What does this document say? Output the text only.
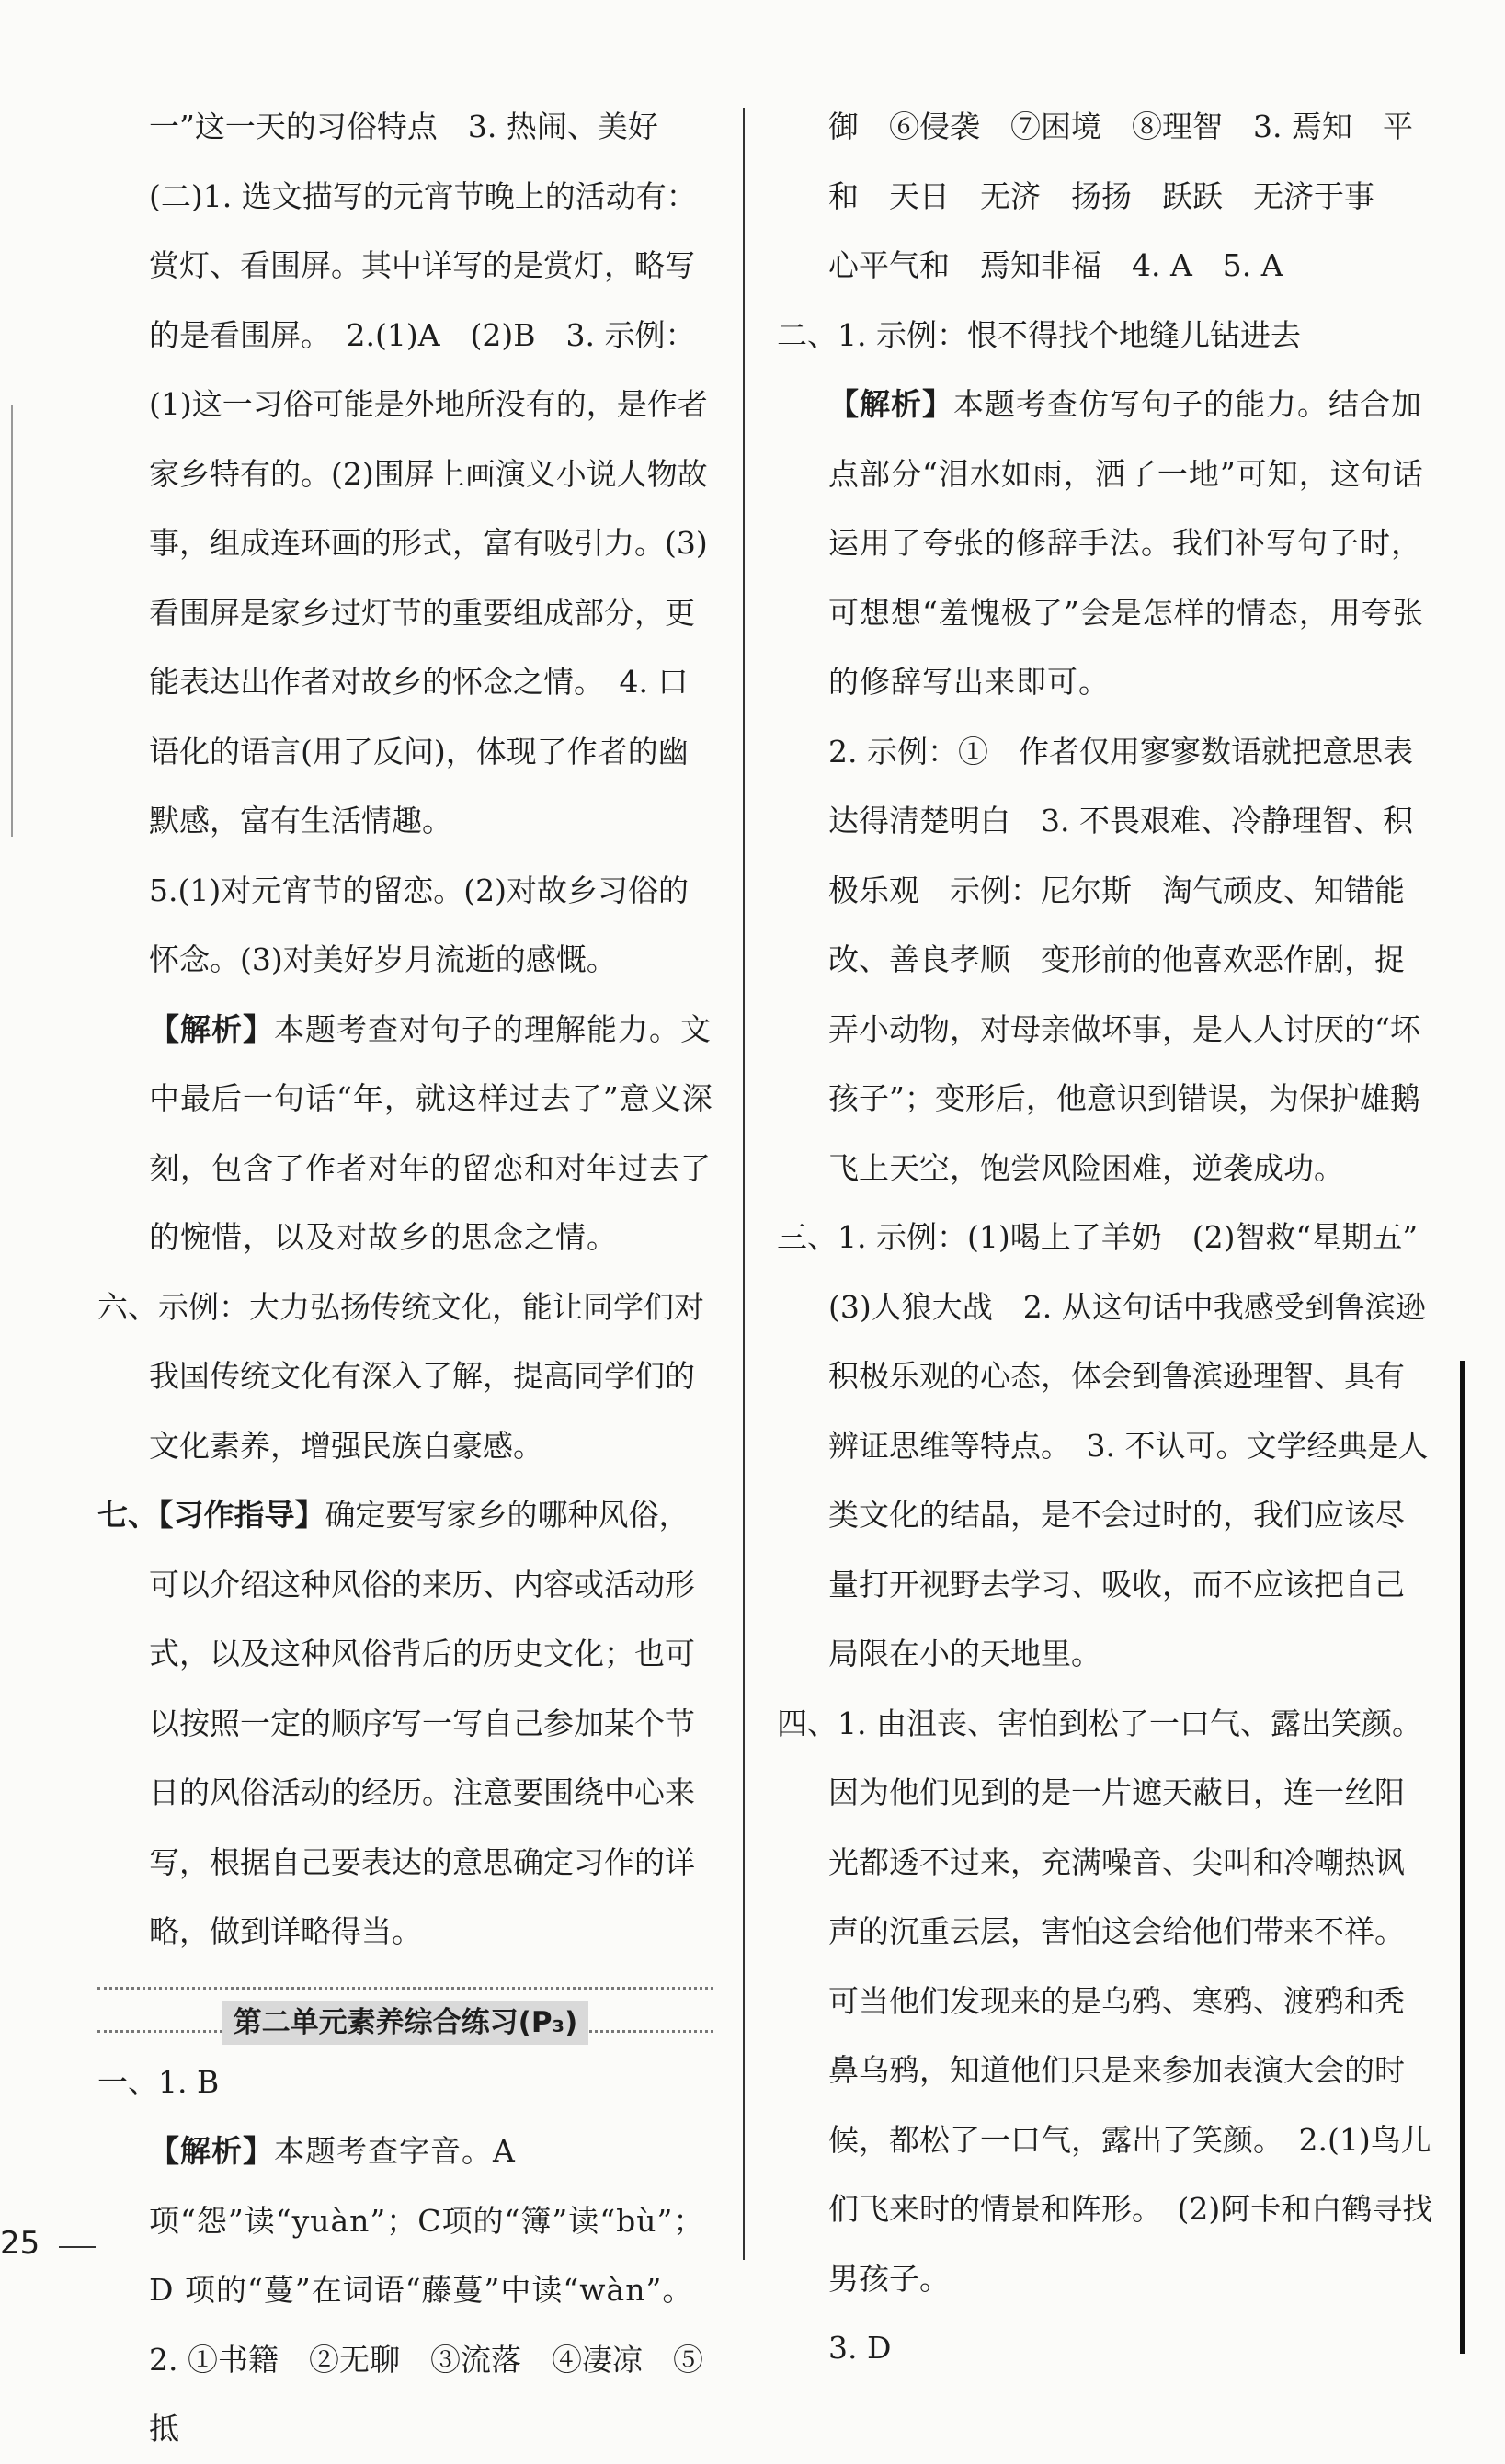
一”这一天的习俗特点　3. 热闹、美好

(二)1. 选文描写的元宵节晚上的活动有：赏灯、看围屏。其中详写的是赏灯，略写的是看围屏。　2.(1)A　(2)B　3. 示例：(1)这一习俗可能是外地所没有的，是作者家乡特有的。(2)围屏上画演义小说人物故事，组成连环画的形式，富有吸引力。(3)看围屏是家乡过灯节的重要组成部分，更能表达出作者对故乡的怀念之情。　4. 口语化的语言(用了反问)，体现了作者的幽默感，富有生活情趣。

5.(1)对元宵节的留恋。(2)对故乡习俗的怀念。(3)对美好岁月流逝的感慨。

【解析】本题考查对句子的理解能力。文中最后一句话“年，就这样过去了”意义深刻，包含了作者对年的留恋和对年过去了的惋惜，以及对故乡的思念之情。

六、示例：大力弘扬传统文化，能让同学们对我国传统文化有深入了解，提高同学们的文化素养，增强民族自豪感。

七、【习作指导】确定要写家乡的哪种风俗，可以介绍这种风俗的来历、内容或活动形式，以及这种风俗背后的历史文化；也可以按照一定的顺序写一写自己参加某个节日的风俗活动的经历。注意要围绕中心来写，根据自己要表达的意思确定习作的详略，做到详略得当。

第二单元素养综合练习(P₃)

一、1. B

【解析】本题考查字音。A 项“怨”读“yuàn”；C项的“簿”读“bù”；D 项的“蔓”在词语“藤蔓”中读“wàn”。

2. ①书籍　②无聊　③流落　④凄凉　⑤抵

御　⑥侵袭　⑦困境　⑧理智　3. 焉知　平和　天日　无济　扬扬　跃跃　无济于事　心平气和　焉知非福　4. A　5. A

二、1. 示例：恨不得找个地缝儿钻进去

【解析】本题考查仿写句子的能力。结合加点部分“泪水如雨，洒了一地”可知，这句话运用了夸张的修辞手法。我们补写句子时，可想想“羞愧极了”会是怎样的情态，用夸张的修辞写出来即可。

2. 示例：①　作者仅用寥寥数语就把意思表达得清楚明白　3. 不畏艰难、冷静理智、积极乐观　示例：尼尔斯　淘气顽皮、知错能改、善良孝顺　变形前的他喜欢恶作剧，捉弄小动物，对母亲做坏事，是人人讨厌的“坏孩子”；变形后，他意识到错误，为保护雄鹅飞上天空，饱尝风险困难，逆袭成功。

三、1. 示例：(1)喝上了羊奶　(2)智救“星期五”　(3)人狼大战　2. 从这句话中我感受到鲁滨逊积极乐观的心态，体会到鲁滨逊理智、具有辨证思维等特点。　3. 不认可。文学经典是人类文化的结晶，是不会过时的，我们应该尽量打开视野去学习、吸收，而不应该把自己局限在小的天地里。

四、1. 由沮丧、害怕到松了一口气、露出笑颜。因为他们见到的是一片遮天蔽日，连一丝阳光都透不过来，充满噪音、尖叫和冷嘲热讽声的沉重云层，害怕这会给他们带来不祥。可当他们发现来的是乌鸦、寒鸦、渡鸦和秃鼻乌鸦，知道他们只是来参加表演大会的时候，都松了一口气，露出了笑颜。　2.(1)鸟儿们飞来时的情景和阵形。　(2)阿卡和白鹤寻找男孩子。

3. D

25
